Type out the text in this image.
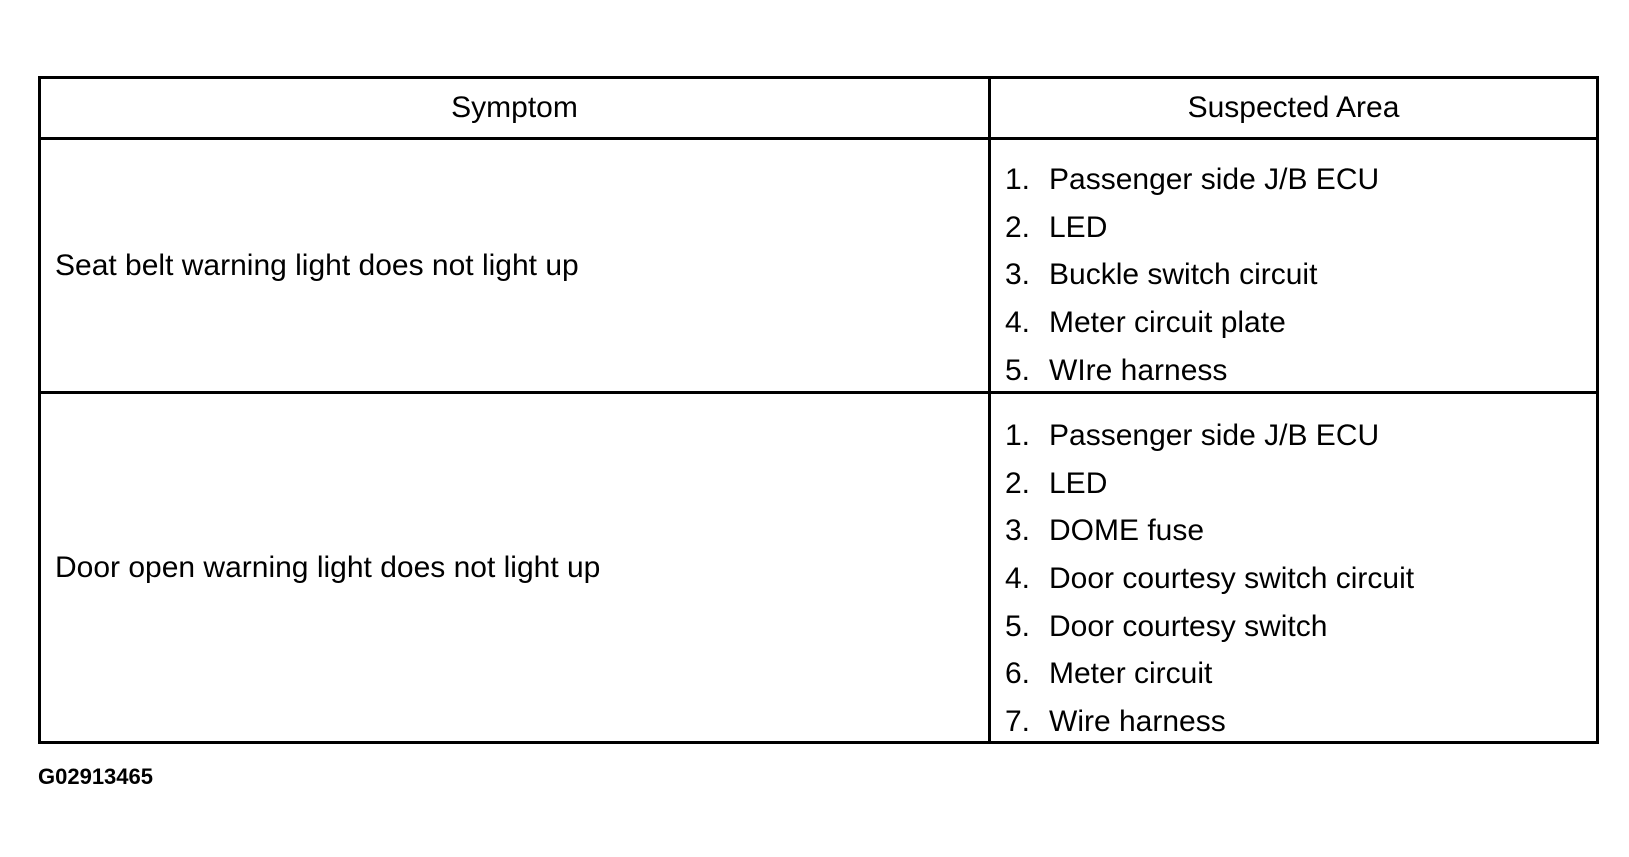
Symptom	Suspected Area
Seat belt warning light does not light up
1. Passenger side J/B ECU
2. LED
3. Buckle switch circuit
4. Meter circuit plate
5. WIre harness
Door open warning light does not light up
1. Passenger side J/B ECU
2. LED
3. DOME fuse
4. Door courtesy switch circuit
5. Door courtesy switch
6. Meter circuit
7. Wire harness
G02913465
